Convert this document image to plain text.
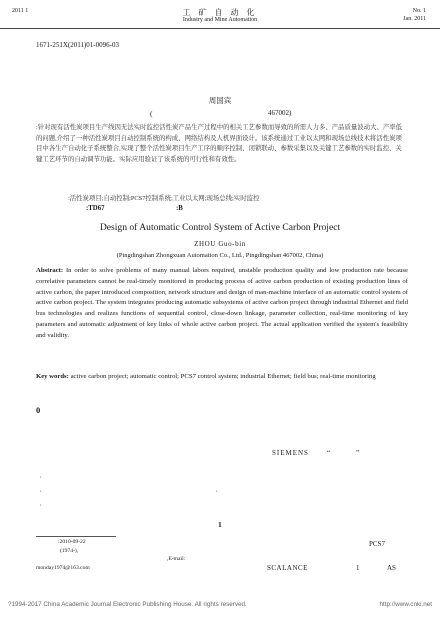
2011 1	工 矿 自 动 化
Industry and Mine Automation
No. 1
Jan. 2011
1671-251X(2011)01-0096-03
周国宾
(	467002)
:针对现有活性炭项目生产线因无法实时监控活性炭产品生产过程中的相关工艺参数而导致的所需人力多、产品质量波动大、产率低的问题,介绍了一种活性炭项目自动控制系统的构成、网络结构及人机界面设计。该系统通过工业以太网和现场总线技术将活性炭项目中各生产自动化子系统整合,实现了整个活性炭项目生产工序的顺序控制、闭锁联动、参数采集以及关键工艺参数的实时监控、关键工艺环节的自动调节功能。实际应用验证了该系统的可行性和有效性。
:活性炭项目;自动控制;PCS7控制系统;工业以太网;现场总线;实时监控
:TD67	:B
Design of Automatic Control System of Active Carbon Project
ZHOU Guo-bin
(Pingdingshan Zhongxuan Automation Co., Ltd., Pingdingshan 467002, China)
Abstract: In order to solve problems of many manual labors required, unstable production quality and low production rate because correlative parameters cannot be real-timely monitored in producing process of active carbon production of existing production lines of active carbon, the paper introduced composition, network structure and design of man-machine interface of an automatic control system of active carbon project. The system integrates producing automatic subsystems of active carbon project through industrial Ethernet and field bus technologies and realizes functions of sequential control, close-down linkage, parameter collection, real-time monitoring of key parameters and automatic adjustment of key links of whole active carbon project. The actual application verified the system's feasibility and validity.
Key words: active carbon project; automatic control; PCS7 control system; industrial Ethernet; field bus; real-time monitoring
0
SIEMENS	“	”
,
,
,
,
1
:2010-09-22
(1974-),
,E-mail:
monday1974@163.com
PCS7
SCALANCE	1	AS
?1994-2017 China Academic Journal Electronic Publishing House. All rights reserved.	http://www.cnki.net
